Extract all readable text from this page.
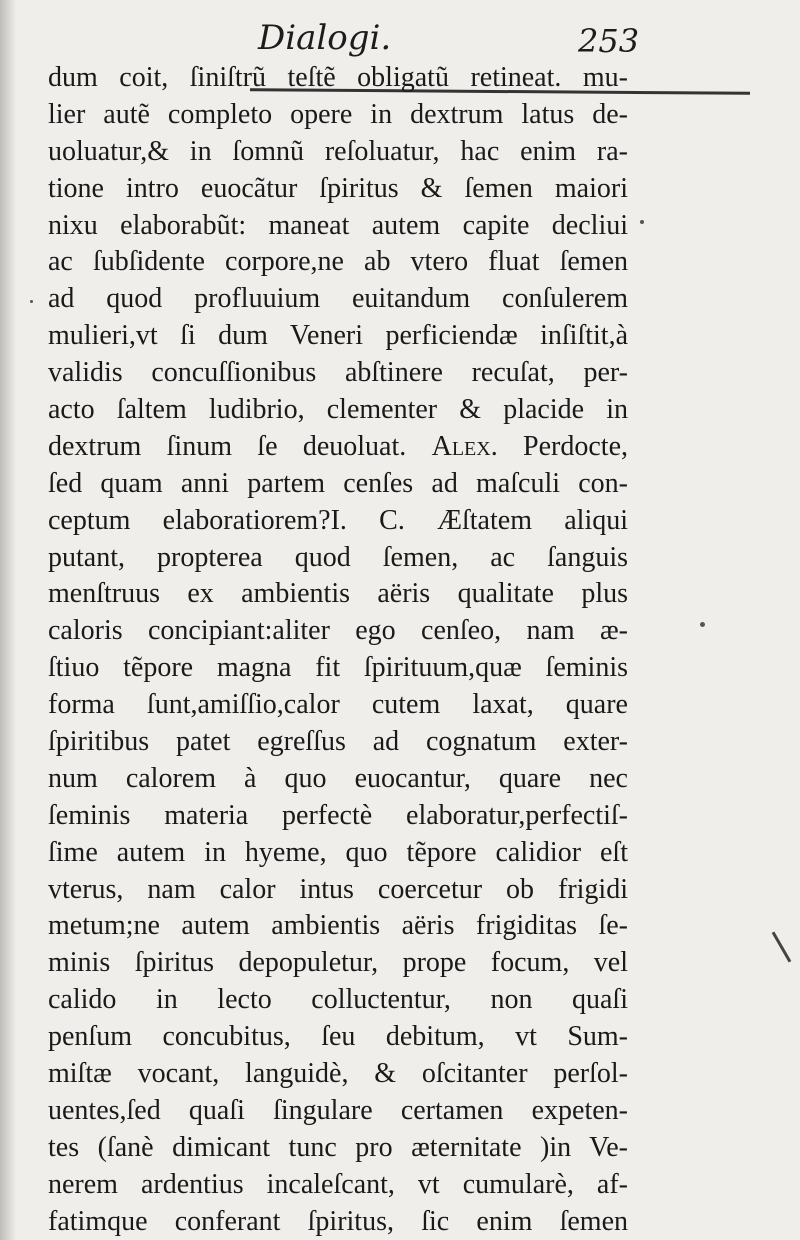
Dialogi.	253
dum coit, ſiniſtrũ teſtẽ obligatũ retineat. mu-
lier autẽ completo opere in dextrum latus de-
uoluatur,& in ſomnũ reſoluatur, hac enim ra-
tione intro euocãtur ſpiritus & ſemen maiori
nixu elaborabũt: maneat autem capite decliui
ac ſubſidente corpore,ne ab vtero fluat ſemen
ad quod profluuium euitandum conſulerem
mulieri,vt ſi dum Veneri perficiendæ inſiſtit,à
validis concuſſionibus abſtinere recuſat, per-
acto ſaltem ludibrio, clementer & placide in
dextrum ſinum ſe deuoluat. Alex. Perdocte,
ſed quam anni partem cenſes ad maſculi con-
ceptum elaboratiorem?I. C. Æſtatem aliqui
putant, propterea quod ſemen, ac ſanguis
menſtruus ex ambientis aëris qualitate plus
caloris concipiant:aliter ego cenſeo, nam æ-
ſtiuo tẽpore magna fit ſpirituum,quæ ſeminis
forma ſunt,amiſſio,calor cutem laxat, quare
ſpiritibus patet egreſſus ad cognatum exter-
num calorem à quo euocantur, quare nec
ſeminis materia perfectè elaboratur,perfectiſ-
ſime autem in hyeme, quo tẽpore calidior eſt
vterus, nam calor intus coercetur ob frigidi
metum;ne autem ambientis aëris frigiditas ſe-
minis ſpiritus depopuletur, prope focum, vel
calido in lecto colluctentur, non quaſi
penſum concubitus, ſeu debitum, vt Sum-
miſtæ vocant, languidè, & oſcitanter perſol-
uentes,ſed quaſi ſingulare certamen expeten-
tes (ſanè dimicant tunc pro æternitate )in Ve-
nerem ardentius incaleſcant, vt cumularè, af-
fatimque conferant ſpiritus, ſic enim ſemen
